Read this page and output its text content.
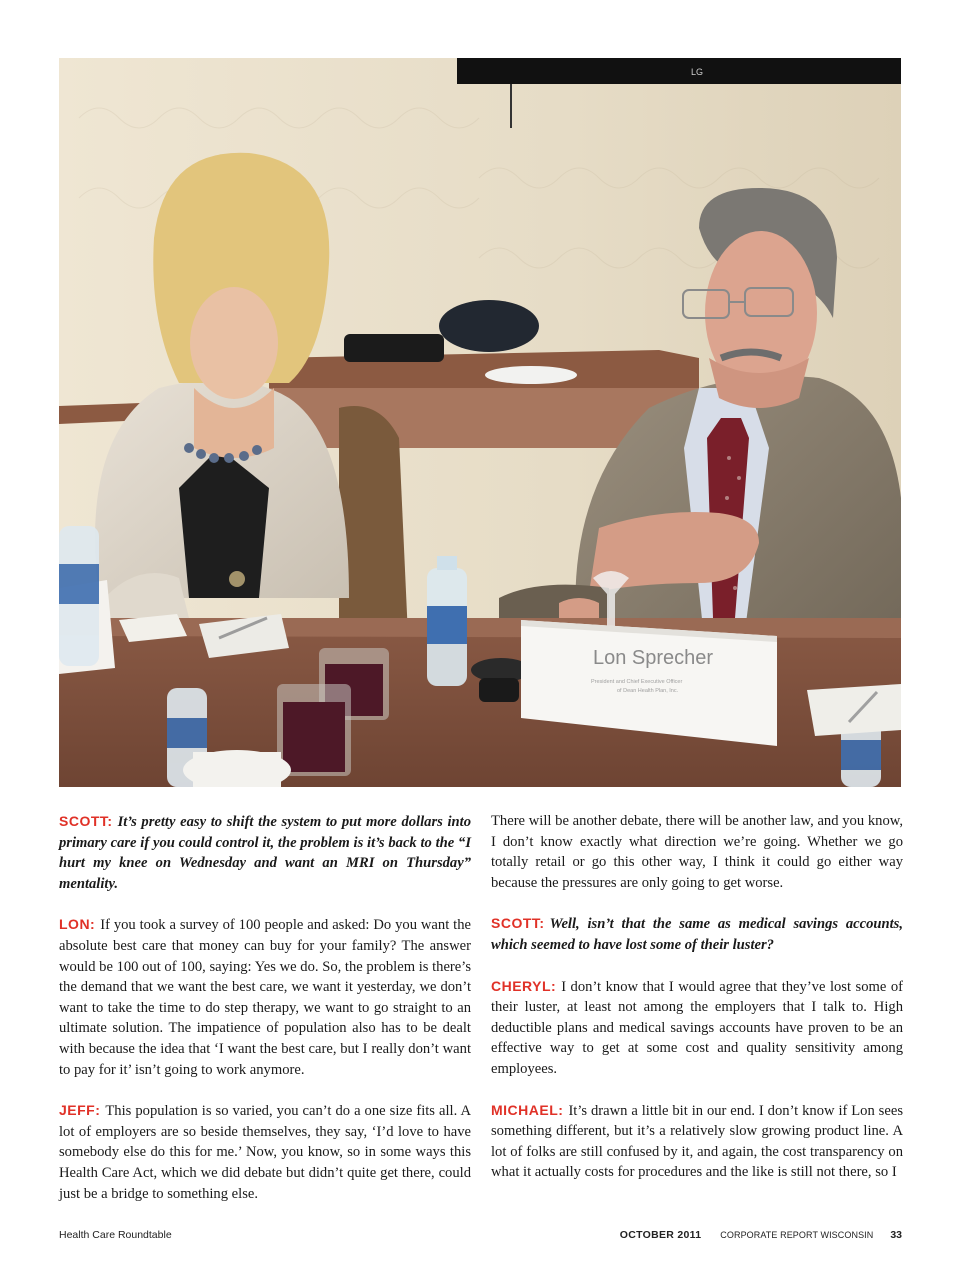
LG
Lon Sprecher
President and Chief Executive Officer
of Dean Health Plan, Inc.

SCOTT: It’s pretty easy to shift the system to put more dollars into primary care if you could control it, the problem is it’s back to the “I hurt my knee on Wednesday and want an MRI on Thursday” mentality.

LON: If you took a survey of 100 people and asked: Do you want the absolute best care that money can buy for your family? The answer would be 100 out of 100, saying: Yes we do. So, the problem is there’s the demand that we want the best care, we want it yesterday, we don’t want to take the time to do step therapy, we want to go straight to an ultimate solution. The impatience of population also has to be dealt with because the idea that ‘I want the best care, but I really don’t want to pay for it’ isn’t going to work anymore.

JEFF: This population is so varied, you can’t do a one size fits all. A lot of employers are so beside themselves, they say, ‘I’d love to have somebody else do this for me.’ Now, you know, so in some ways this Health Care Act, which we did debate but didn’t quite get there, could just be a bridge to something else.

There will be another debate, there will be another law, and you know, I don’t know exactly what direction we’re going. Whether we go totally retail or go this other way, I think it could go either way because the pressures are only going to get worse.

SCOTT: Well, isn’t that the same as medical savings accounts, which seemed to have lost some of their luster?

CHERYL: I don’t know that I would agree that they’ve lost some of their luster, at least not among the employers that I talk to. High deductible plans and medical savings accounts have proven to be an effective way to get at some cost and quality sensitivity among employees.

MICHAEL: It’s drawn a little bit in our end. I don’t know if Lon sees something different, but it’s a relatively slow growing product line. A lot of folks are still confused by it, and again, the cost transparency on what it actually costs for procedures and the like is still not there, so I

Health Care Roundtable	OCTOBER 2011 CORPORATE REPORT WISCONSIN 33
